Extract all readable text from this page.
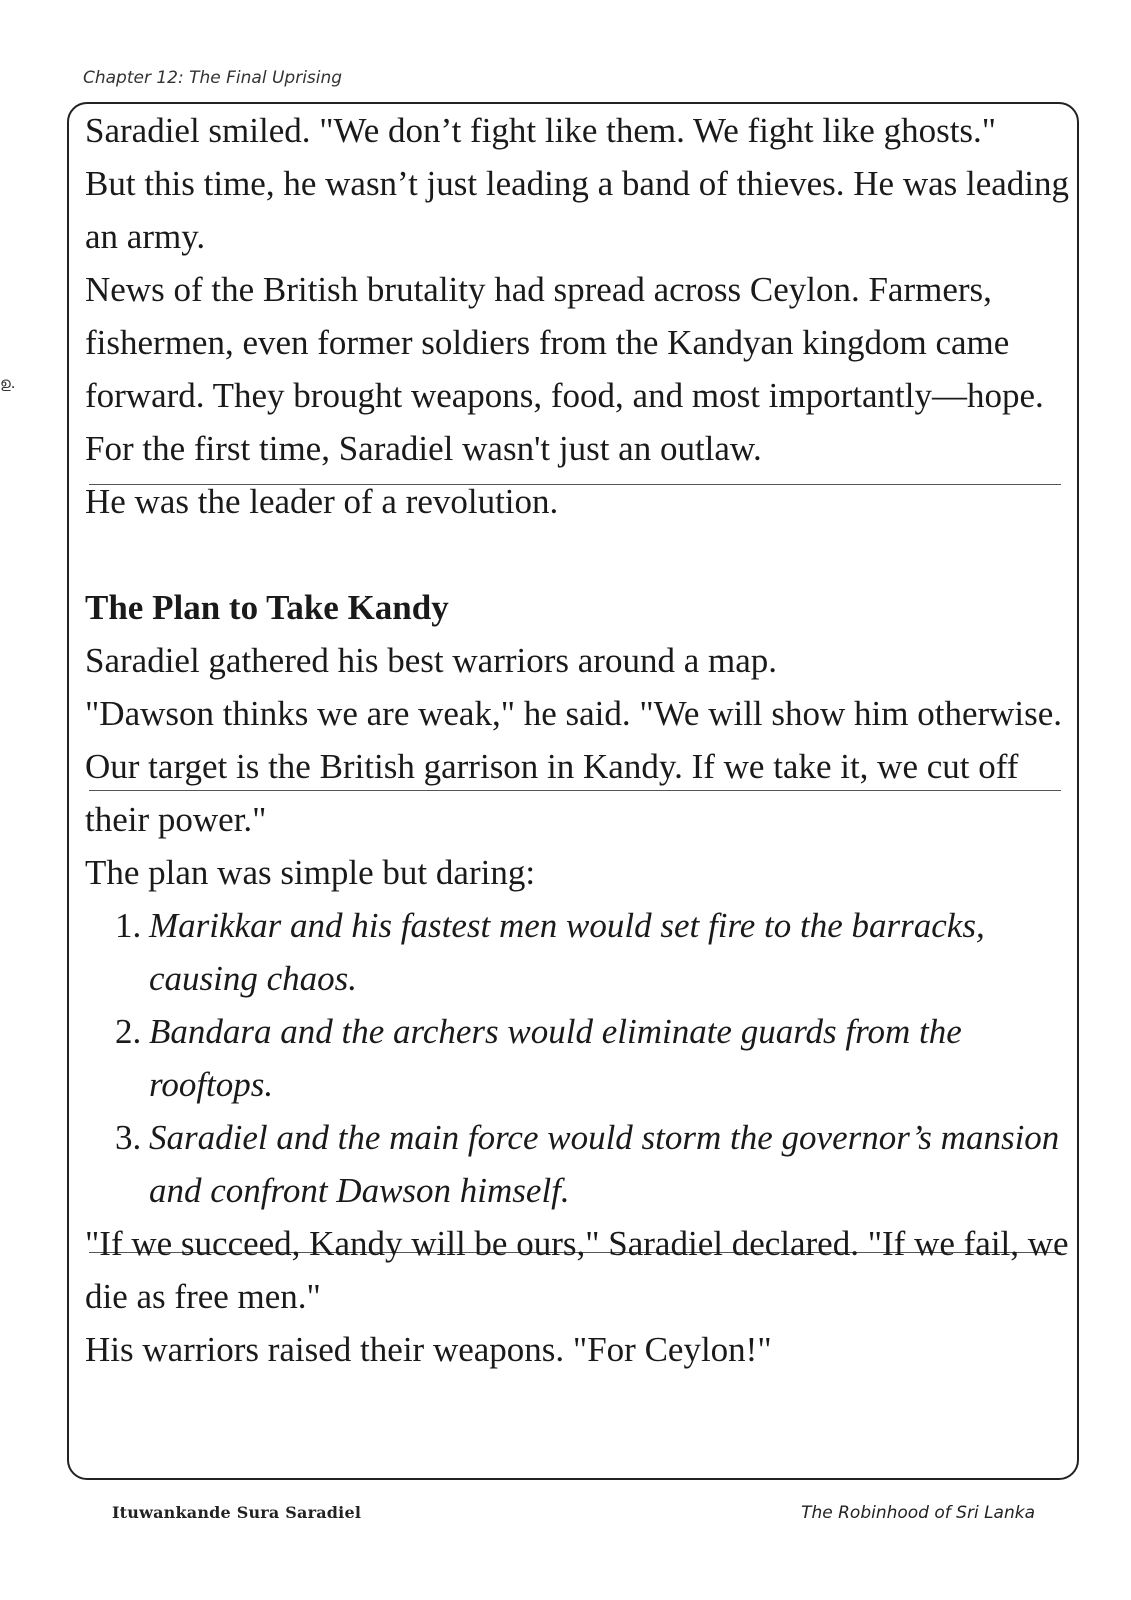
Chapter 12: The Final Uprising

ഉ.

Saradiel smiled. "We don’t fight like them. We fight like ghosts."

But this time, he wasn’t just leading a band of thieves. He was leading an army.

News of the British brutality had spread across Ceylon. Farmers, fishermen, even former soldiers from the Kandyan kingdom came forward. They brought weapons, food, and most importantly—hope.

For the first time, Saradiel wasn't just an outlaw.

He was the leader of a revolution.

The Plan to Take Kandy

Saradiel gathered his best warriors around a map.

"Dawson thinks we are weak," he said. "We will show him otherwise. Our target is the British garrison in Kandy. If we take it, we cut off their power."

The plan was simple but daring:

1. Marikkar and his fastest men would set fire to the barracks, causing chaos.
2. Bandara and the archers would eliminate guards from the rooftops.
3. Saradiel and the main force would storm the governor’s mansion and confront Dawson himself.

"If we succeed, Kandy will be ours," Saradiel declared. "If we fail, we die as free men."

His warriors raised their weapons. "For Ceylon!"

Ituwankande Sura Saradiel	The Robinhood of Sri Lanka
